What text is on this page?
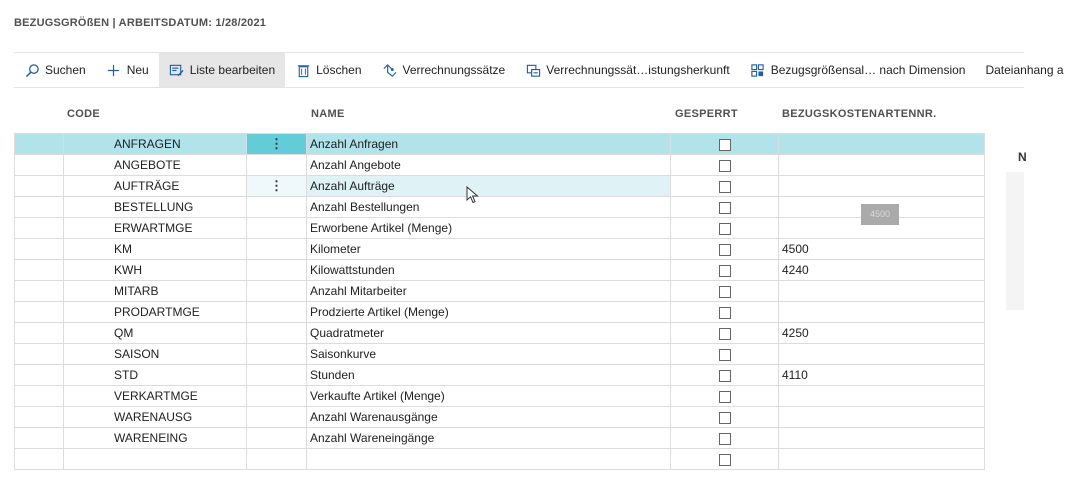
BEZUGSGRÖßEN | ARBEITSDATUM: 1/28/2021
Suchen	Neu	Liste bearbeiten	Löschen	Verrechnungssätze	Verrechnungssät…istungsherkunft	Bezugsgrößensal… nach Dimension Dateianhang a
CODE	NAME	GESPERRT	BEZUGSKOSTENARTENNR.
	ANFRAGEN	⋮	Anzahl Anfragen		
	ANGEBOTE		Anzahl Angebote		
	AUFTRÄGE	⋮	Anzahl Aufträge		
	BESTELLUNG		Anzahl Bestellungen		
	ERWARTMGE		Erworbene Artikel (Menge)		
	KM		Kilometer		4500
	KWH		Kilowattstunden		4240
	MITARB		Anzahl Mitarbeiter		
	PRODARTMGE		Prodzierte Artikel (Menge)		
	QM		Quadratmeter		4250
	SAISON		Saisonkurve		
	STD		Stunden		4110
	VERKARTMGE		Verkaufte Artikel (Menge)		
	WARENAUSG		Anzahl Warenausgänge		
	WARENEING		Anzahl Wareneingänge		

4500
N
